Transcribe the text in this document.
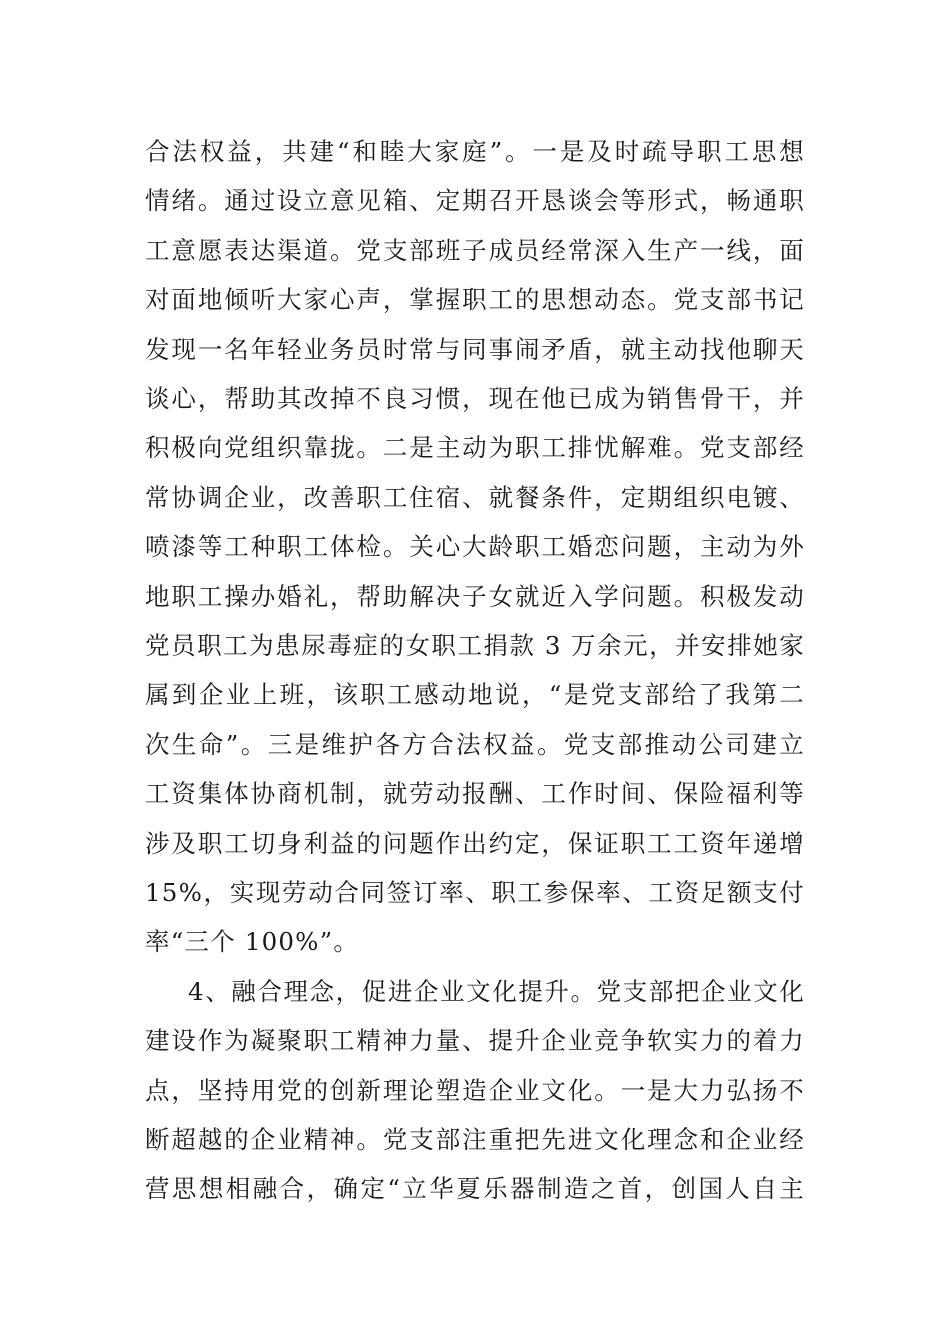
合法权益，共建“和睦大家庭”。一是及时疏导职工思想
情绪。通过设立意见箱、定期召开恳谈会等形式，畅通职
工意愿表达渠道。党支部班子成员经常深入生产一线，面
对面地倾听大家心声，掌握职工的思想动态。党支部书记
发现一名年轻业务员时常与同事闹矛盾，就主动找他聊天
谈心，帮助其改掉不良习惯，现在他已成为销售骨干，并
积极向党组织靠拢。二是主动为职工排忧解难。党支部经
常协调企业，改善职工住宿、就餐条件，定期组织电镀、
喷漆等工种职工体检。关心大龄职工婚恋问题，主动为外
地职工操办婚礼，帮助解决子女就近入学问题。积极发动
党员职工为患尿毒症的女职工捐款 3 万余元，并安排她家
属到企业上班，该职工感动地说，“是党支部给了我第二
次生命”。三是维护各方合法权益。党支部推动公司建立
工资集体协商机制，就劳动报酬、工作时间、保险福利等
涉及职工切身利益的问题作出约定，保证职工工资年递增
15%，实现劳动合同签订率、职工参保率、工资足额支付
率“三个 100%”。
4、融合理念，促进企业文化提升。党支部把企业文化
建设作为凝聚职工精神力量、提升企业竞争软实力的着力
点，坚持用党的创新理论塑造企业文化。一是大力弘扬不
断超越的企业精神。党支部注重把先进文化理念和企业经
营思想相融合，确定“立华夏乐器制造之首，创国人自主
